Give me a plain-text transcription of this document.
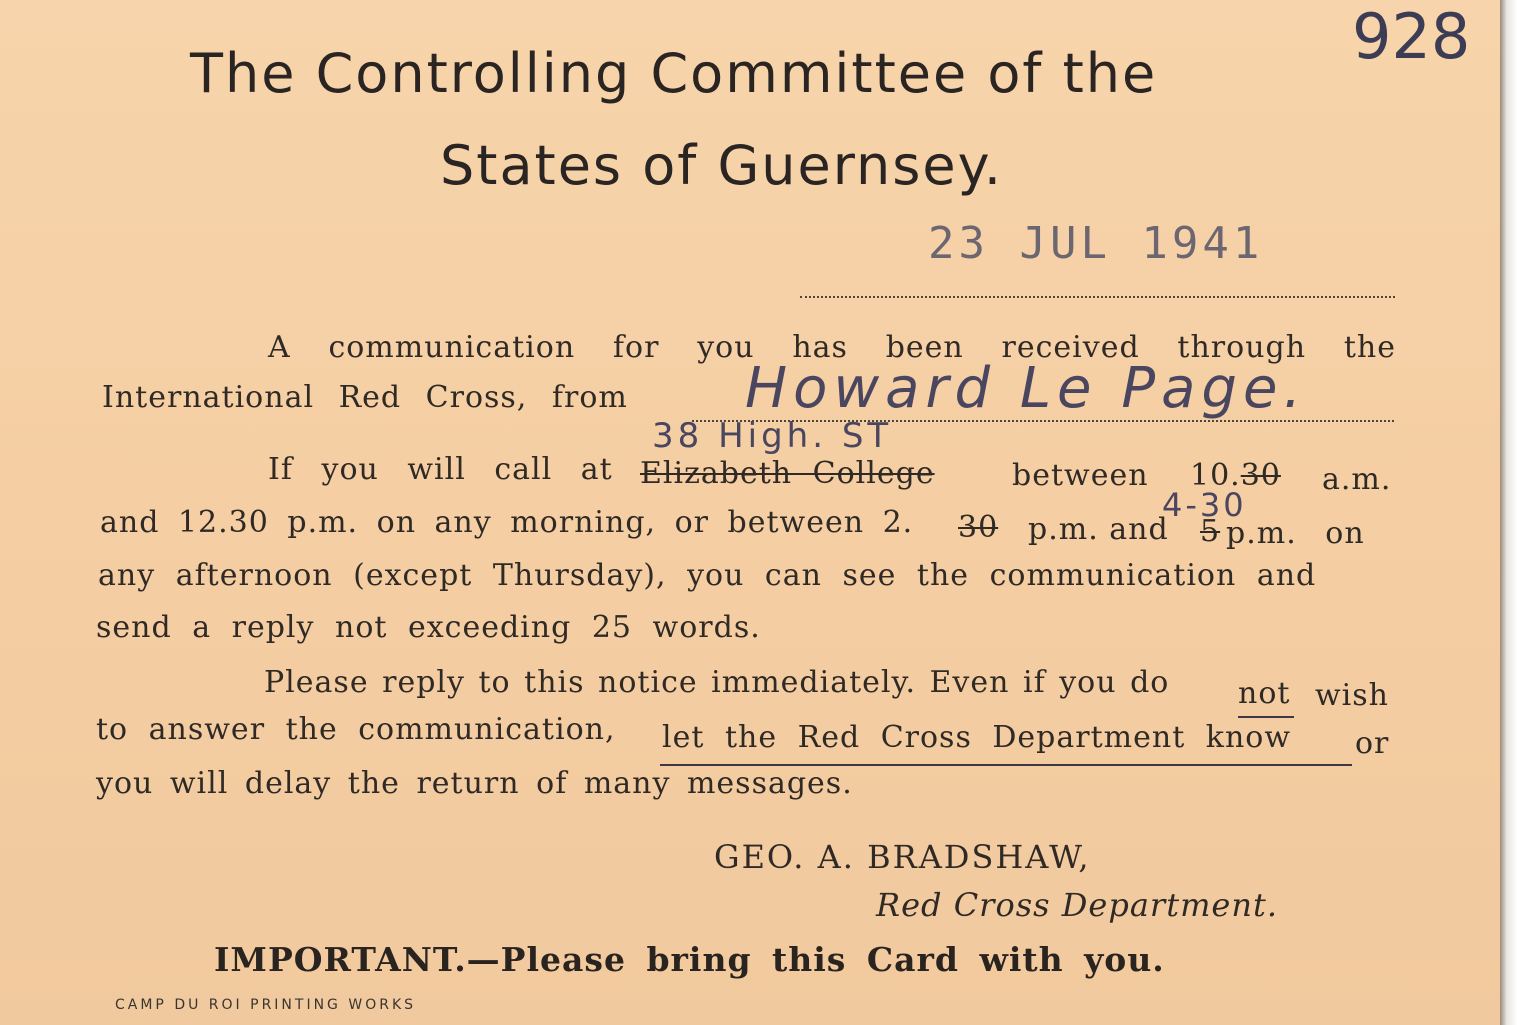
928
The Controlling Committee of the
States of Guernsey.
23 JUL 1941
A communication for you has been received through the
International Red Cross, from Howard Le Page.
38 High. ST
If you will call at Elizabeth College	between 10.30 a.m.
4-30
and 12.30 p.m. on any morning, or between 2. 30 p.m. and 5 p.m. on
any afternoon (except Thursday), you can see the communication and
send a reply not exceeding 25 words.
Please reply to this notice immediately. Even if you do not wish
to answer the communication, let the Red Cross Department know or
you will delay the return of many messages.
GEO. A. BRADSHAW,
Red Cross Department.
IMPORTANT.—Please bring this Card with you.
CAMP DU ROI PRINTING WORKS
